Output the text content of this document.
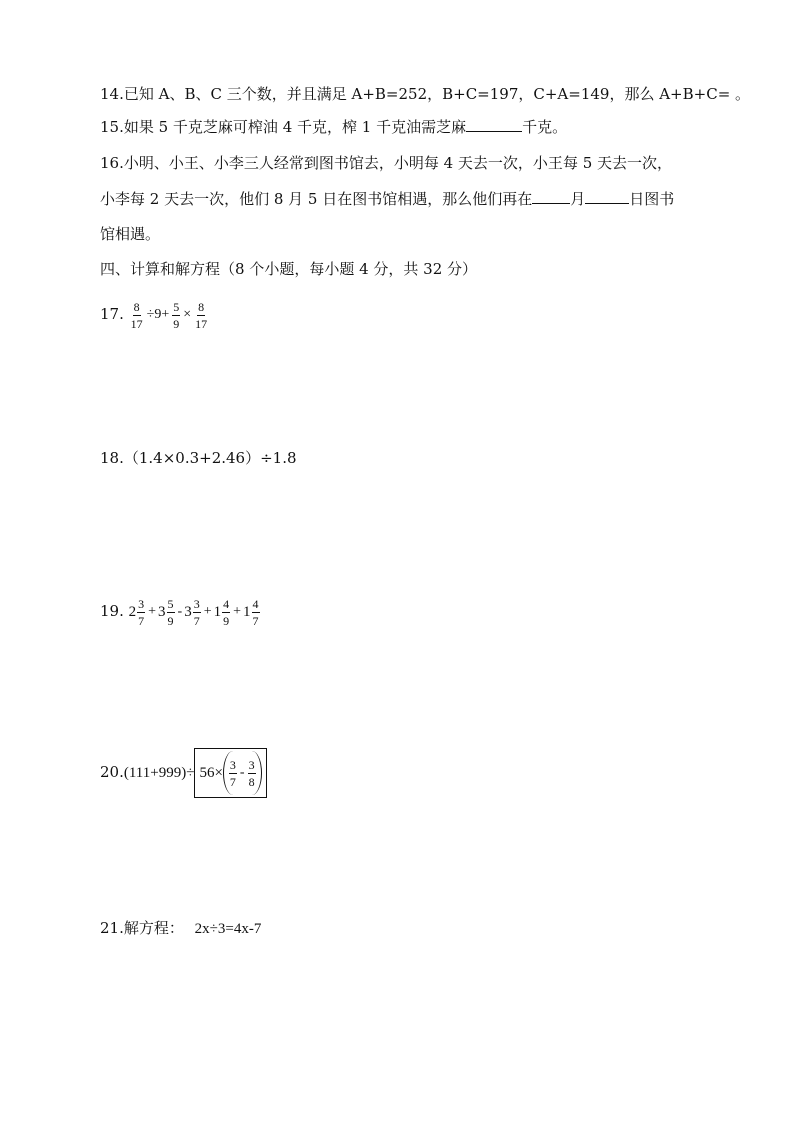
14.已知 A、B、C 三个数，并且满足 A+B=252，B+C=197，C+A=149，那么 A+B+C= 。
15.如果 5 千克芝麻可榨油 4 千克，榨 1 千克油需芝麻	千克。
16.小明、小王、小李三人经常到图书馆去，小明每 4 天去一次，小王每 5 天去一次，
小李每 2 天去一次，他们 8 月 5 日在图书馆相遇，那么他们再在	月	日图书
馆相遇。
四、计算和解方程（8 个小题，每小题 4 分，共 32 分）
17. $\frac{8}{17} \div 9+ \frac{5}{9} \times \frac{8}{17}$
18.（1.4×0.3+2.46）÷1.8
19. $2 \frac{3}{7} + 3 \frac{5}{9} - 3 \frac{3}{7} + 1 \frac{4}{9} + 1 \frac{4}{7}$
20. $(111+999)\div 56\times \frac{3}{7} - \frac{3}{8}$
21.解方程： 2x÷3=4x-7
